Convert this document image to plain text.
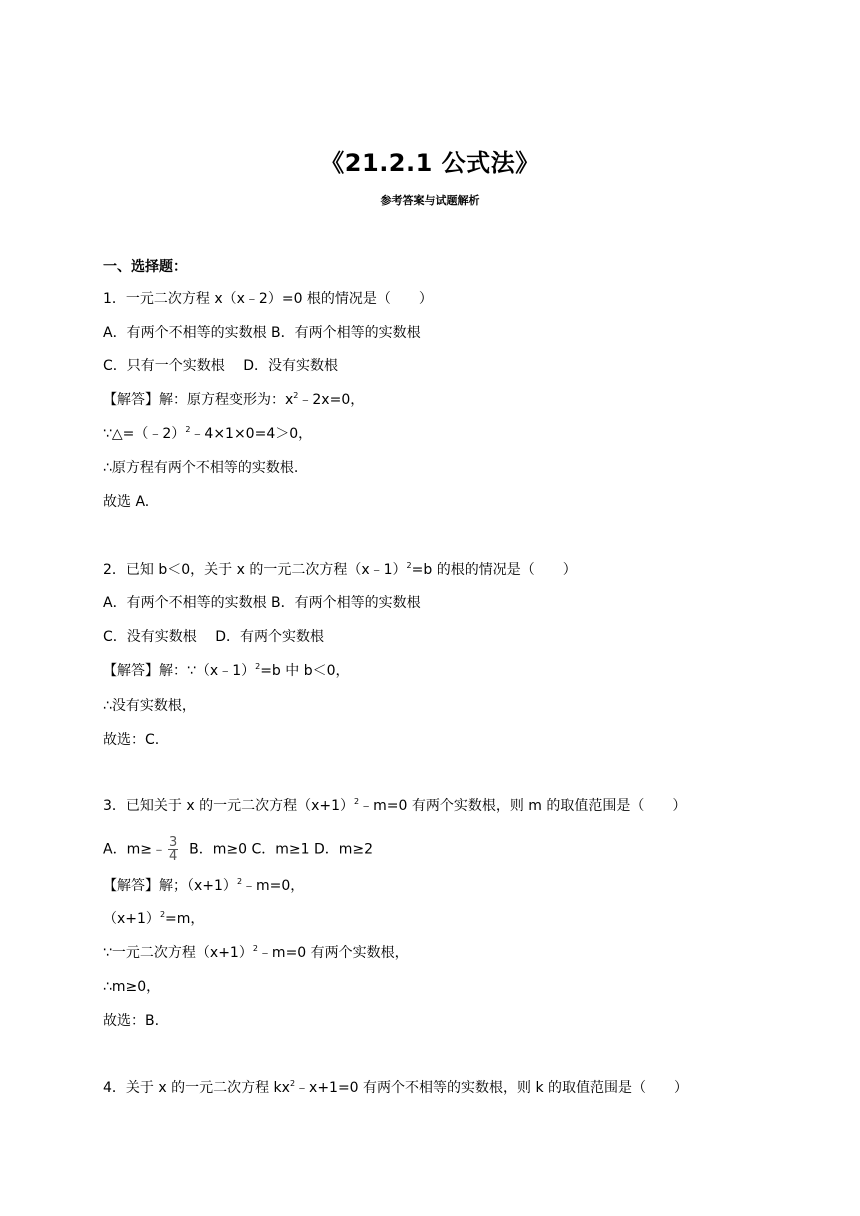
《21.2.1 公式法》
参考答案与试题解析
一、选择题：
1．一元二次方程 x（x﹣2）=0 根的情况是（　　）
A．有两个不相等的实数根 B．有两个相等的实数根
C．只有一个实数根　 D．没有实数根
【解答】解：原方程变形为：$x^2﹣2x=0$，
∵△=（﹣2）$^2$﹣4×1×0=4＞0，
∴原方程有两个不相等的实数根.
故选 A.
2．已知 b＜0，关于 x 的一元二次方程（x﹣1）$^2$=b 的根的情况是（　　）
A．有两个不相等的实数根 B．有两个相等的实数根
C．没有实数根　 D．有两个实数根
【解答】解：∵（x﹣1）$^2$=b 中 b＜0，
∴没有实数根，
故选：C.
3．已知关于 x 的一元二次方程$(x+1)^2﹣m=0$ 有两个实数根，则 m 的取值范围是（　　）
A．m≥﹣ $\frac{3}{4}$ B．m≥0 C．m≥1 D．m≥2
【解答】解；$(x+1)^2﹣m=0$，
$(x+1)^2=m$，
∵一元二次方程$(x+1)^2﹣m=0$ 有两个实数根，
∴m≥0，
故选：B.
4．关于 x 的一元二次方程 $kx^2﹣x+1=0$ 有两个不相等的实数根，则 k 的取值范围是（　　）
